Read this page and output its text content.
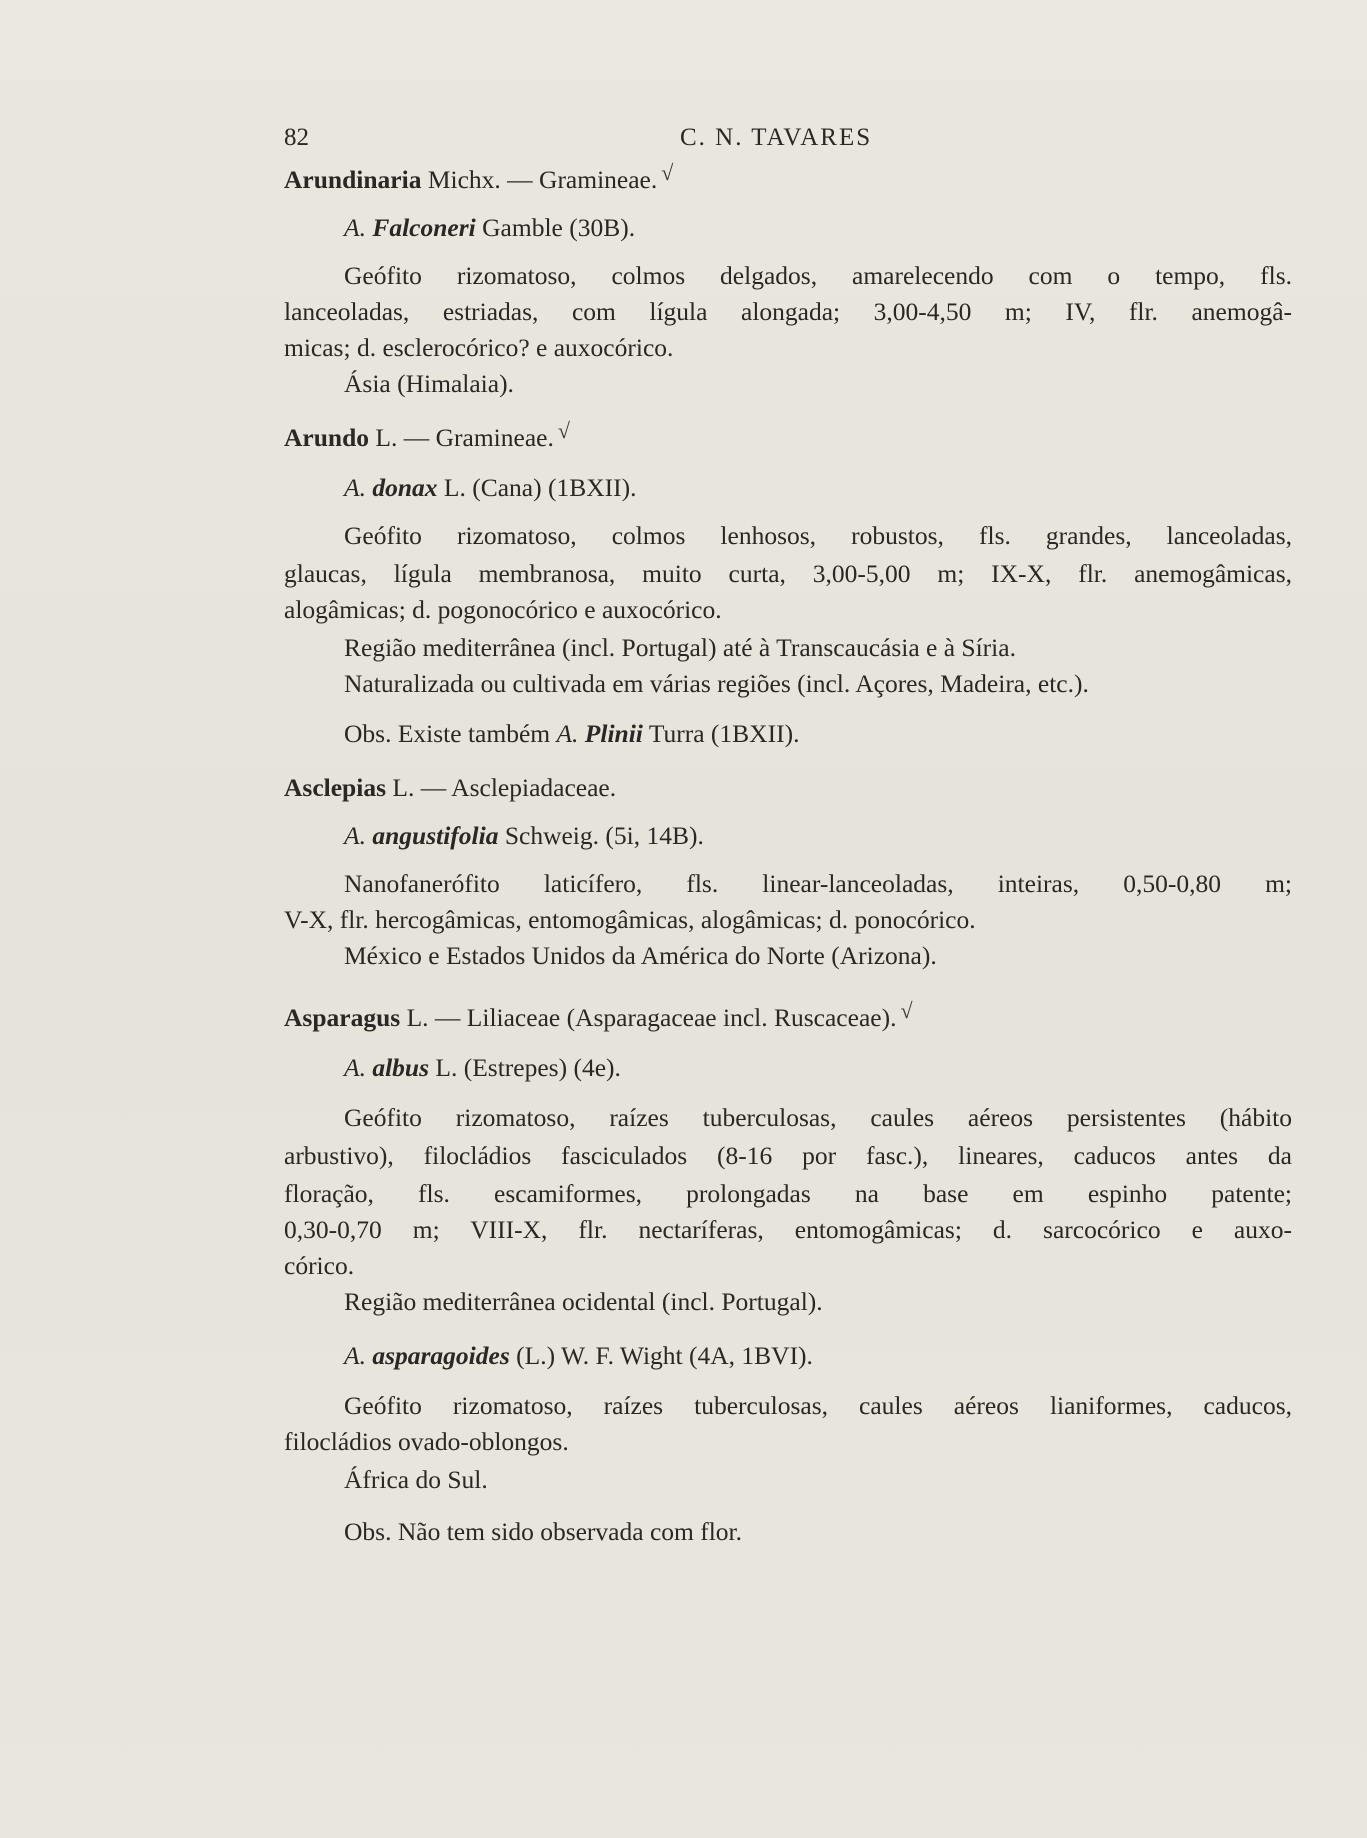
82	C. N. TAVARES
Arundinaria Michx. — Gramineae. √
A. Falconeri Gamble (30B).
Geófito rizomatoso, colmos delgados, amarelecendo com o tempo, fls.
lanceoladas, estriadas, com lígula alongada; 3,00-4,50 m; IV, flr. anemogâ-
micas; d. esclerocórico? e auxocórico.
Ásia (Himalaia).
Arundo L. — Gramineae. √
A. donax L. (Cana) (1BXII).
Geófito rizomatoso, colmos lenhosos, robustos, fls. grandes, lanceoladas,
glaucas, lígula membranosa, muito curta, 3,00-5,00 m; IX-X, flr. anemogâmicas,
alogâmicas; d. pogonocórico e auxocórico.
Região mediterrânea (incl. Portugal) até à Transcaucásia e à Síria.
Naturalizada ou cultivada em várias regiões (incl. Açores, Madeira, etc.).
Obs. Existe também A. Plinii Turra (1BXII).
Asclepias L. — Asclepiadaceae.
A. angustifolia Schweig. (5i, 14B).
Nanofanerófito laticífero, fls. linear-lanceoladas, inteiras, 0,50-0,80 m;
V-X, flr. hercogâmicas, entomogâmicas, alogâmicas; d. ponocórico.
México e Estados Unidos da América do Norte (Arizona).
Asparagus L. — Liliaceae (Asparagaceae incl. Ruscaceae). √
A. albus L. (Estrepes) (4e).
Geófito rizomatoso, raízes tuberculosas, caules aéreos persistentes (hábito
arbustivo), filocládios fasciculados (8-16 por fasc.), lineares, caducos antes da
floração, fls. escamiformes, prolongadas na base em espinho patente;
0,30-0,70 m; VIII-X, flr. nectaríferas, entomogâmicas; d. sarcocórico e auxo-
córico.
Região mediterrânea ocidental (incl. Portugal).
A. asparagoides (L.) W. F. Wight (4A, 1BVI).
Geófito rizomatoso, raízes tuberculosas, caules aéreos lianiformes, caducos,
filocládios ovado-oblongos.
África do Sul.
Obs. Não tem sido observada com flor.
